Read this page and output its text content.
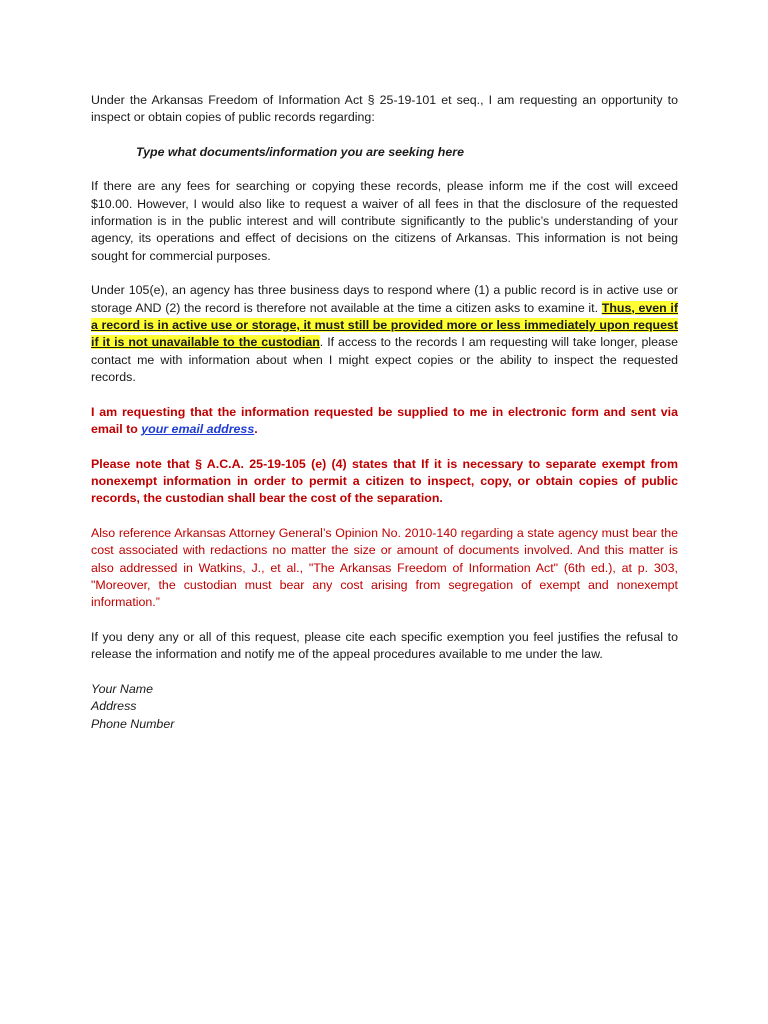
Under the Arkansas Freedom of Information Act § 25-19-101 et seq., I am requesting an opportunity to inspect or obtain copies of public records regarding:

Type what documents/information you are seeking here

If there are any fees for searching or copying these records, please inform me if the cost will exceed $10.00. However, I would also like to request a waiver of all fees in that the disclosure of the requested information is in the public interest and will contribute significantly to the public’s understanding of your agency, its operations and effect of decisions on the citizens of Arkansas. This information is not being sought for commercial purposes.

Under 105(e), an agency has three business days to respond where (1) a public record is in active use or storage AND (2) the record is therefore not available at the time a citizen asks to examine it. Thus, even if a record is in active use or storage, it must still be provided more or less immediately upon request if it is not unavailable to the custodian. If access to the records I am requesting will take longer, please contact me with information about when I might expect copies or the ability to inspect the requested records.

I am requesting that the information requested be supplied to me in electronic form and sent via email to your email address.

Please note that § A.C.A. 25-19-105 (e) (4) states that If it is necessary to separate exempt from nonexempt information in order to permit a citizen to inspect, copy, or obtain copies of public records, the custodian shall bear the cost of the separation.

Also reference Arkansas Attorney General’s Opinion No. 2010-140 regarding a state agency must bear the cost associated with redactions no matter the size or amount of documents involved. And this matter is also addressed in Watkins, J., et al., "The Arkansas Freedom of Information Act" (6th ed.), at p. 303, "Moreover, the custodian must bear any cost arising from segregation of exempt and nonexempt information.”

If you deny any or all of this request, please cite each specific exemption you feel justifies the refusal to release the information and notify me of the appeal procedures available to me under the law.

Your Name
Address
Phone Number
